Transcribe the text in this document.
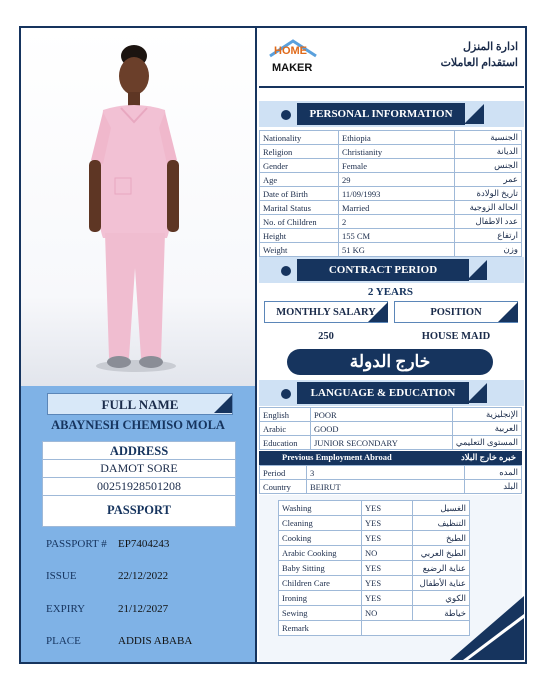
FULL NAME
ABAYNESH CHEMISO MOLA
ADDRESS
DAMOT SORE
00251928501208
PASSPORT
PASSPORT # EP7404243
ISSUE	22/12/2022
EXPIRY	21/12/2027
PLACE	ADDIS ABABA
HOME
MAKER
ادارة المنزل
استقدام العاملات
PERSONAL INFORMATION
Nationality	Ethiopia	الجنسية
Religion	Christianity	الديانة
Gender	Female	الجنس
Age	29	عمر
Date of Birth	11/09/1993	تاريخ الولادة
Marital Status	Married	الحالة الزوجية
No. of Children	2	عدد الاطفال
Height	155 CM	ارتفاع
Weight	51 KG	وزن
CONTRACT PERIOD
2 YEARS
MONTHLY SALARY	POSITION
250	HOUSE MAID
خارج الدولة
LANGUAGE & EDUCATION
English	POOR	الإنجليزية
Arabic	GOOD	العربية
Education	JUNIOR SECONDARY	المستوى التعليمي
Previous Employment Abroad	خبره خارج البلاد
Period	3	المده
Country	BEIRUT	البلد
Washing	YES	الغسيل
Cleaning	YES	التنظيف
Cooking	YES	الطبخ
Arabic Cooking	NO	الطبخ العربي
Baby Sitting	YES	عناية الرضيع
Children Care	YES	عناية الأطفال
Ironing	YES	الكوي
Sewing	NO	خياطة
Remark		
